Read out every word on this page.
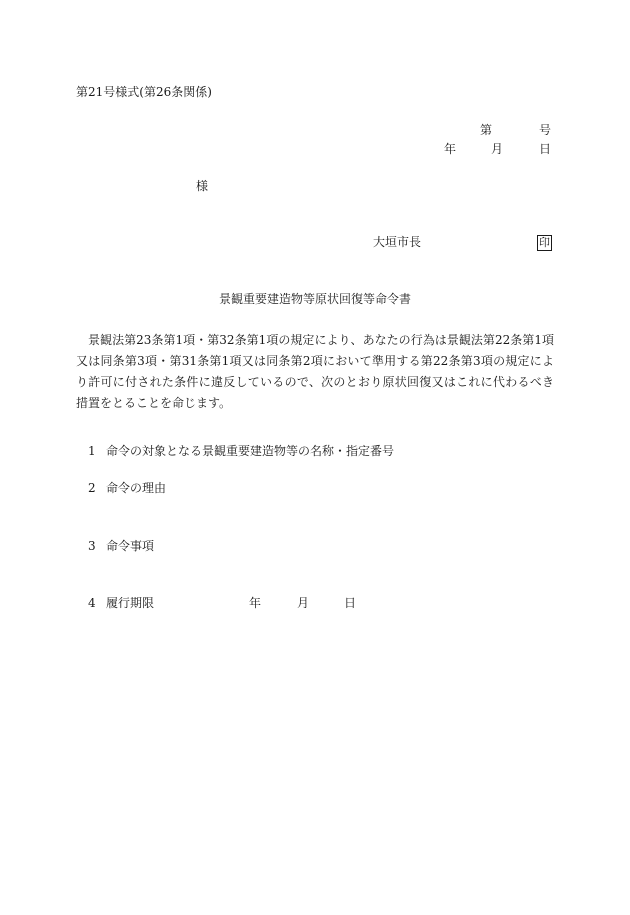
第21号様式(第26条関係)
第	号
年	月	日
様
大垣市長	印
景観重要建造物等原状回復等命令書
景観法第23条第1項・第32条第1項の規定により、あなたの行為は景観法第22条第1項又は同条第3項・第31条第1項又は同条第2項において準用する第22条第3項の規定により許可に付された条件に違反しているので、次のとおり原状回復又はこれに代わるべき措置をとることを命じます。
1 命令の対象となる景観重要建造物等の名称・指定番号
2 命令の理由
3 命令事項
4 履行期限	年	月	日
